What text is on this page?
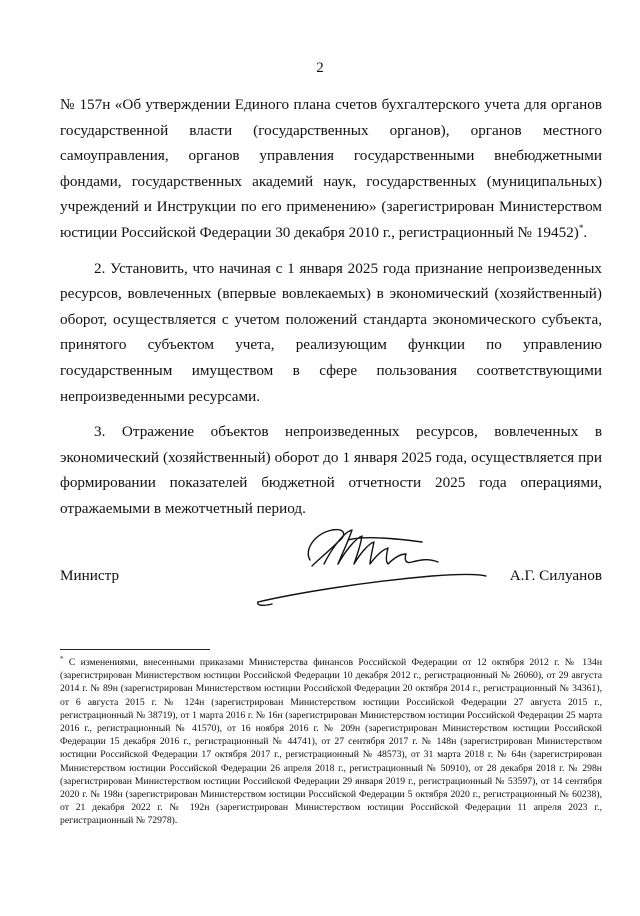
2

№ 157н «Об утверждении Единого плана счетов бухгалтерского учета для органов государственной власти (государственных органов), органов местного самоуправления, органов управления государственными внебюджетными фондами, государственных академий наук, государственных (муниципальных) учреждений и Инструкции по его применению» (зарегистрирован Министерством юстиции Российской Федерации 30 декабря 2010 г., регистрационный № 19452)*.

2. Установить, что начиная с 1 января 2025 года признание непроизведенных ресурсов, вовлеченных (впервые вовлекаемых) в экономический (хозяйственный) оборот, осуществляется с учетом положений стандарта экономического субъекта, принятого субъектом учета, реализующим функции по управлению государственным имуществом в сфере пользования соответствующими непроизведенными ресурсами.

3. Отражение объектов непроизведенных ресурсов, вовлеченных в экономический (хозяйственный) оборот до 1 января 2025 года, осуществляется при формировании показателей бюджетной отчетности 2025 года операциями, отражаемыми в межотчетный период.

Министр	А.Г. Силуанов
* С изменениями, внесенными приказами Министерства финансов Российской Федерации от 12 октября 2012 г. № 134н (зарегистрирован Министерством юстиции Российской Федерации 10 декабря 2012 г., регистрационный № 26060), от 29 августа 2014 г. № 89н (зарегистрирован Министерством юстиции Российской Федерации 20 октября 2014 г., регистрационный № 34361), от 6 августа 2015 г. № 124н (зарегистрирован Министерством юстиции Российской Федерации 27 августа 2015 г., регистрационный № 38719), от 1 марта 2016 г. № 16н (зарегистрирован Министерством юстиции Российской Федерации 25 марта 2016 г., регистрационный № 41570), от 16 ноября 2016 г. № 209н (зарегистрирован Министерством юстиции Российской Федерации 15 декабря 2016 г., регистрационный № 44741), от 27 сентября 2017 г. № 148н (зарегистрирован Министерством юстиции Российской Федерации 17 октября 2017 г., регистрационный № 48573), от 31 марта 2018 г. № 64н (зарегистрирован Министерством юстиции Российской Федерации 26 апреля 2018 г., регистрационный № 50910), от 28 декабря 2018 г. № 298н (зарегистрирован Министерством юстиции Российской Федерации 29 января 2019 г., регистрационный № 53597), от 14 сентября 2020 г. № 198н (зарегистрирован Министерством юстиции Российской Федерации 5 октября 2020 г., регистрационный № 60238), от 21 декабря 2022 г. № 192н (зарегистрирован Министерством юстиции Российской Федерации 11 апреля 2023 г., регистрационный № 72978).
